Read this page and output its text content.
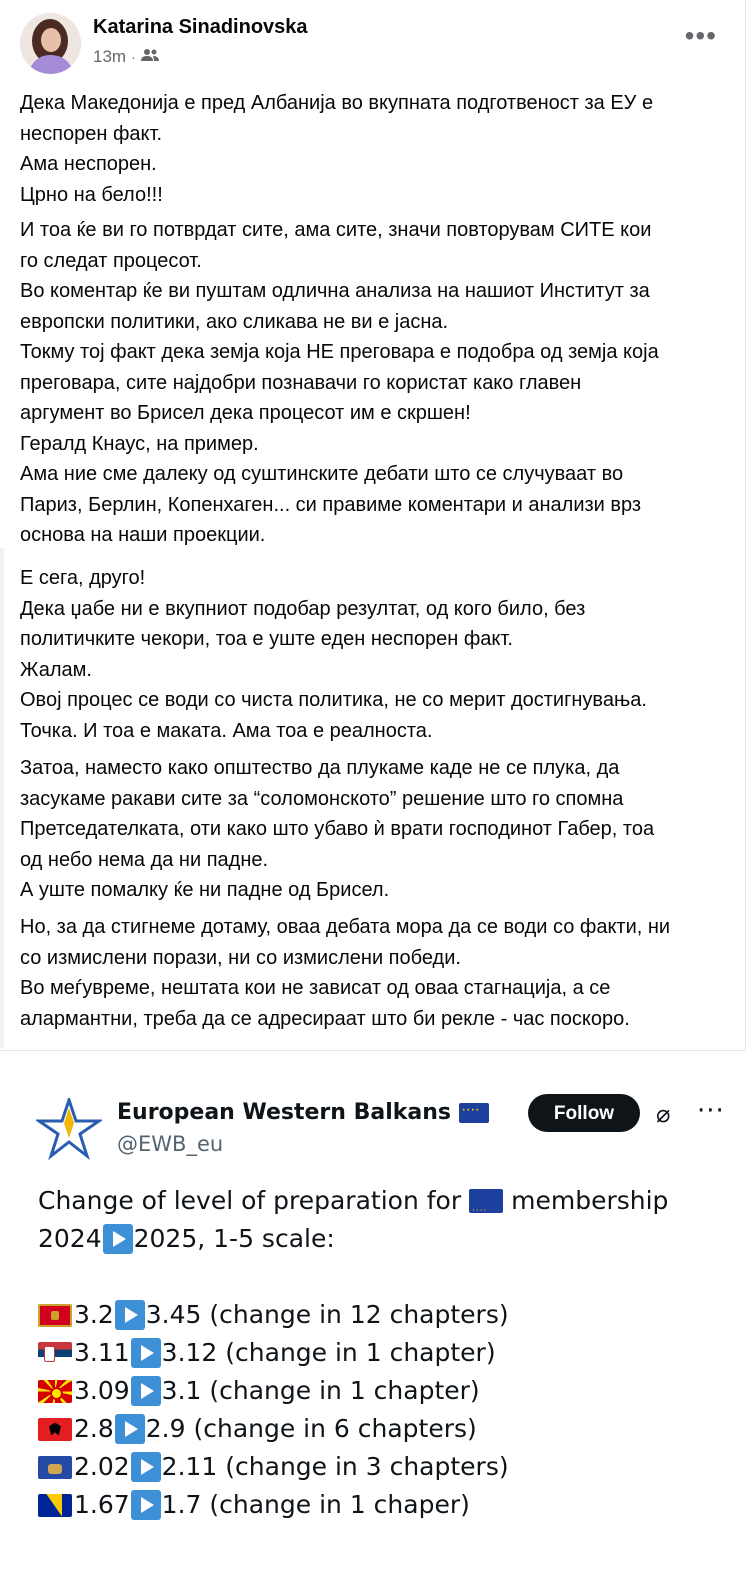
Katarina Sinadinovska
13m ·
•••
Дека Македонија е пред Албанија во вкупната подготвеност за ЕУ е
неспорен факт.
Ама неспорен.
Црно на бело!!!
И тоа ќе ви го потврдат сите, ама сите, значи повторувам СИТЕ кои
го следат процесот.
Во коментар ќе ви пуштам одлична анализа на нашиот Институт за
европски политики, ако сликава не ви е јасна.
Токму тој факт дека земја која НЕ преговара е подобра од земја која
преговара, сите најдобри познавачи го користат како главен
аргумент во Брисел дека процесот им е скршен!
Гералд Кнаус, на пример.
Ама ние сме далеку од суштинските дебати што се случуваат во
Париз, Берлин, Копенхаген... си правиме коментари и анализи врз
основа на наши проекции.
Е сега, друго!
Дека џабе ни е вкупниот подобар резултат, од кого било, без
политичките чекори, тоа е уште еден неспорен факт.
Жалам.
Овој процес се води со чиста политика, не со мерит достигнувања.
Точка. И тоа е маката. Ама тоа е реалноста.
Затоа, наместо како општество да плукаме каде не се плука, да
засукаме ракави сите за “соломонското” решение што го спомна
Претседателката, оти како што убаво ѝ врати господинот Габер, тоа
од небо нема да ни падне.
А уште помалку ќе ни падне од Брисел.
Но, за да стигнеме дотаму, оваа дебата мора да се води со факти, ни
со измислени порази, ни со измислени победи.
Во меѓувреме, нештата кои не зависат од оваа стагнација, а се
алармантни, треба да се адресираат што би рекле - час поскоро.
European Western Balkans
· · · ·
@EWB_eu
Follow	⌀ ···
Change of level of preparation for
· · · · membership
2024 2025, 1-5 scale:
3.2 3.45 (change in 12 chapters)
3.11 3.12 (change in 1 chapter)
3.09 3.1 (change in 1 chapter)
2.8 2.9 (change in 6 chapters)
2.02 2.11 (change in 3 chapters)
1.67 1.7 (change in 1 chaper)
